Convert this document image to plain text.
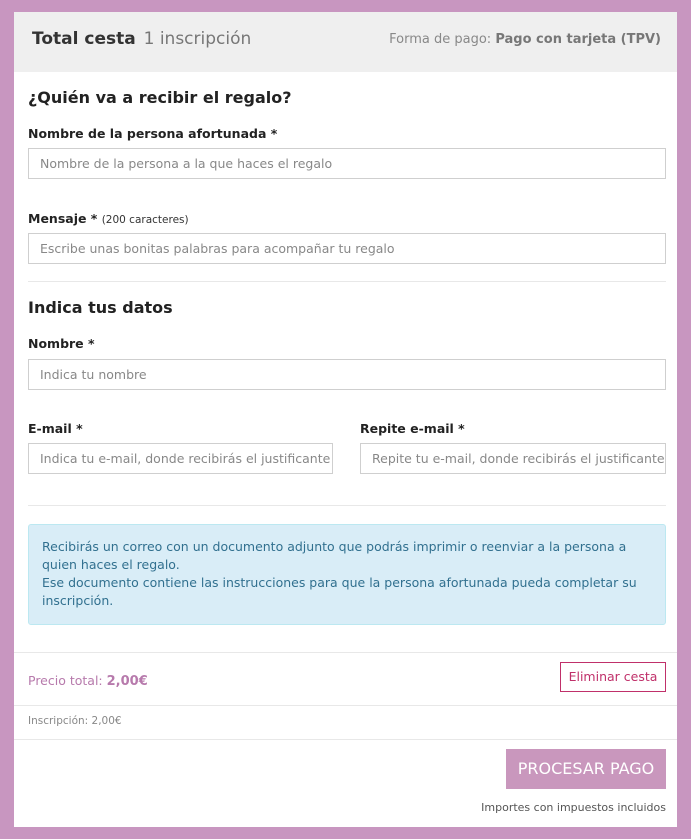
Total cesta 1 inscripción	Forma de pago: Pago con tarjeta (TPV)
¿Quién va a recibir el regalo?
Nombre de la persona afortunada *
Nombre de la persona a la que haces el regalo
Mensaje * (200 caracteres)
Escribe unas bonitas palabras para acompañar tu regalo
Indica tus datos
Nombre *
Indica tu nombre
E-mail *
Indica tu e-mail, donde recibirás el justificante
Repite e-mail *
Repite tu e-mail, donde recibirás el justificante
Recibirás un correo con un documento adjunto que podrás imprimir o reenviar a la persona a quien haces el regalo.
Ese documento contiene las instrucciones para que la persona afortunada pueda completar su inscripción.
Precio total: 2,00€	Eliminar cesta
Inscripción: 2,00€
PROCESAR PAGO
Importes con impuestos incluidos
